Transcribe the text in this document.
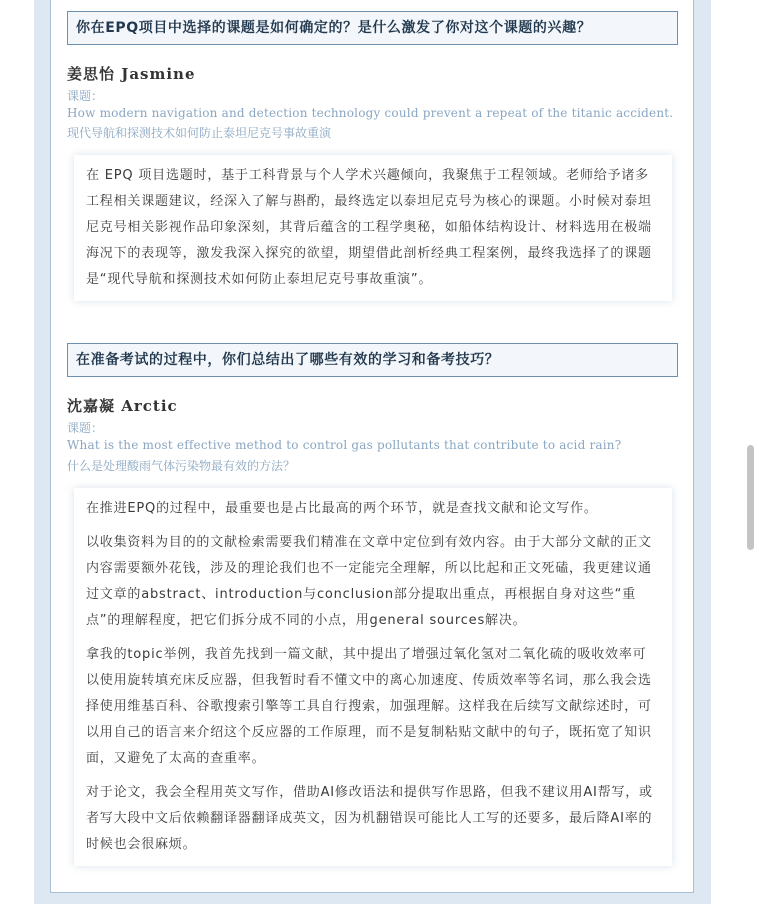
你在EPQ项目中选择的课题是如何确定的？是什么激发了你对这个课题的兴趣？
姜思怡 Jasmine
课题：
How modern navigation and detection technology could prevent a repeat of the titanic accident.
现代导航和探测技术如何防止泰坦尼克号事故重演

在 EPQ 项目选题时，基于工科背景与个人学术兴趣倾向，我聚焦于工程领域。老师给予诸多工程相关课题建议，经深入了解与斟酌，最终选定以泰坦尼克号为核心的课题。小时候对泰坦尼克号相关影视作品印象深刻，其背后蕴含的工程学奥秘，如船体结构设计、材料选用在极端海况下的表现等，激发我深入探究的欲望，期望借此剖析经典工程案例，最终我选择了的课题是“现代导航和探测技术如何防止泰坦尼克号事故重演”。

在准备考试的过程中，你们总结出了哪些有效的学习和备考技巧？
沈嘉凝 Arctic
课题：
What is the most effective method to control gas pollutants that contribute to acid rain?
什么是处理酸雨气体污染物最有效的方法？

在推进EPQ的过程中，最重要也是占比最高的两个环节，就是查找文献和论文写作。

以收集资料为目的的文献检索需要我们精准在文章中定位到有效内容。由于大部分文献的正文内容需要额外花钱，涉及的理论我们也不一定能完全理解，所以比起和正文死磕，我更建议通过文章的abstract、introduction与conclusion部分提取出重点，再根据自身对这些“重点”的理解程度，把它们拆分成不同的小点，用general sources解决。

拿我的topic举例，我首先找到一篇文献，其中提出了增强过氧化氢对二氧化硫的吸收效率可以使用旋转填充床反应器，但我暂时看不懂文中的离心加速度、传质效率等名词，那么我会选择使用维基百科、谷歌搜索引擎等工具自行搜索，加强理解。这样我在后续写文献综述时，可以用自己的语言来介绍这个反应器的工作原理，而不是复制粘贴文献中的句子，既拓宽了知识面，又避免了太高的查重率。

对于论文，我会全程用英文写作，借助AI修改语法和提供写作思路，但我不建议用AI帮写，或者写大段中文后依赖翻译器翻译成英文，因为机翻错误可能比人工写的还要多，最后降AI率的时候也会很麻烦。
